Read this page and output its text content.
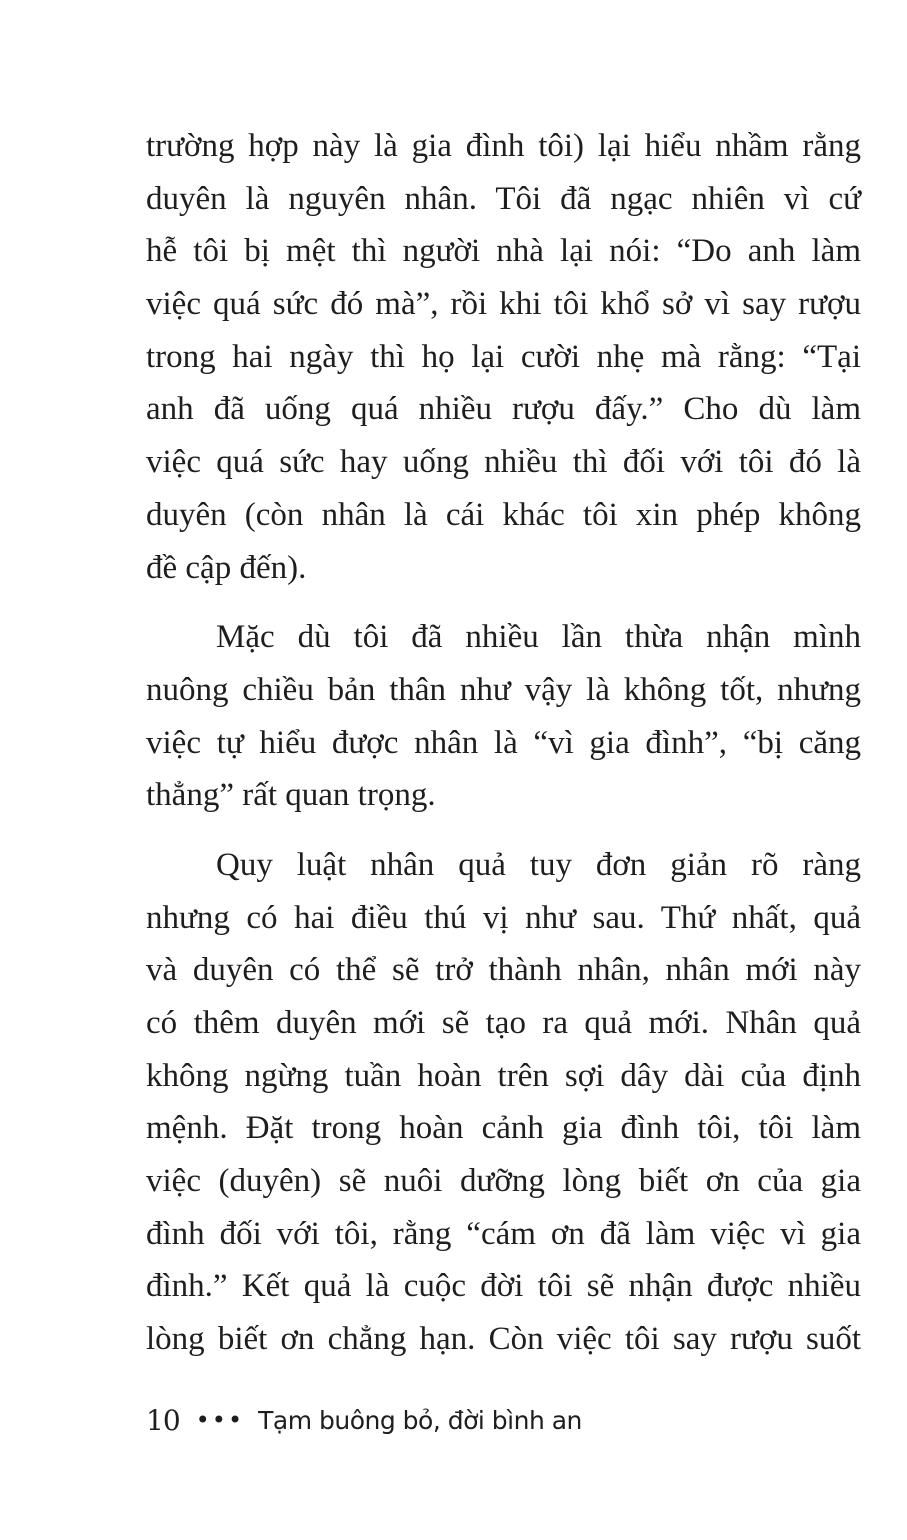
trường hợp này là gia đình tôi) lại hiểu nhầm rằng
duyên là nguyên nhân. Tôi đã ngạc nhiên vì cứ
hễ tôi bị mệt thì người nhà lại nói: “Do anh làm
việc quá sức đó mà”, rồi khi tôi khổ sở vì say rượu
trong hai ngày thì họ lại cười nhẹ mà rằng: “Tại
anh đã uống quá nhiều rượu đấy.” Cho dù làm
việc quá sức hay uống nhiều thì đối với tôi đó là
duyên (còn nhân là cái khác tôi xin phép không
đề cập đến).
Mặc dù tôi đã nhiều lần thừa nhận mình
nuông chiều bản thân như vậy là không tốt, nhưng
việc tự hiểu được nhân là “vì gia đình”, “bị căng
thẳng” rất quan trọng.
Quy luật nhân quả tuy đơn giản rõ ràng
nhưng có hai điều thú vị như sau. Thứ nhất, quả
và duyên có thể sẽ trở thành nhân, nhân mới này
có thêm duyên mới sẽ tạo ra quả mới. Nhân quả
không ngừng tuần hoàn trên sợi dây dài của định
mệnh. Đặt trong hoàn cảnh gia đình tôi, tôi làm
việc (duyên) sẽ nuôi dưỡng lòng biết ơn của gia
đình đối với tôi, rằng “cám ơn đã làm việc vì gia
đình.” Kết quả là cuộc đời tôi sẽ nhận được nhiều
lòng biết ơn chẳng hạn. Còn việc tôi say rượu suốt
10 ••• Tạm buông bỏ, đời bình an
